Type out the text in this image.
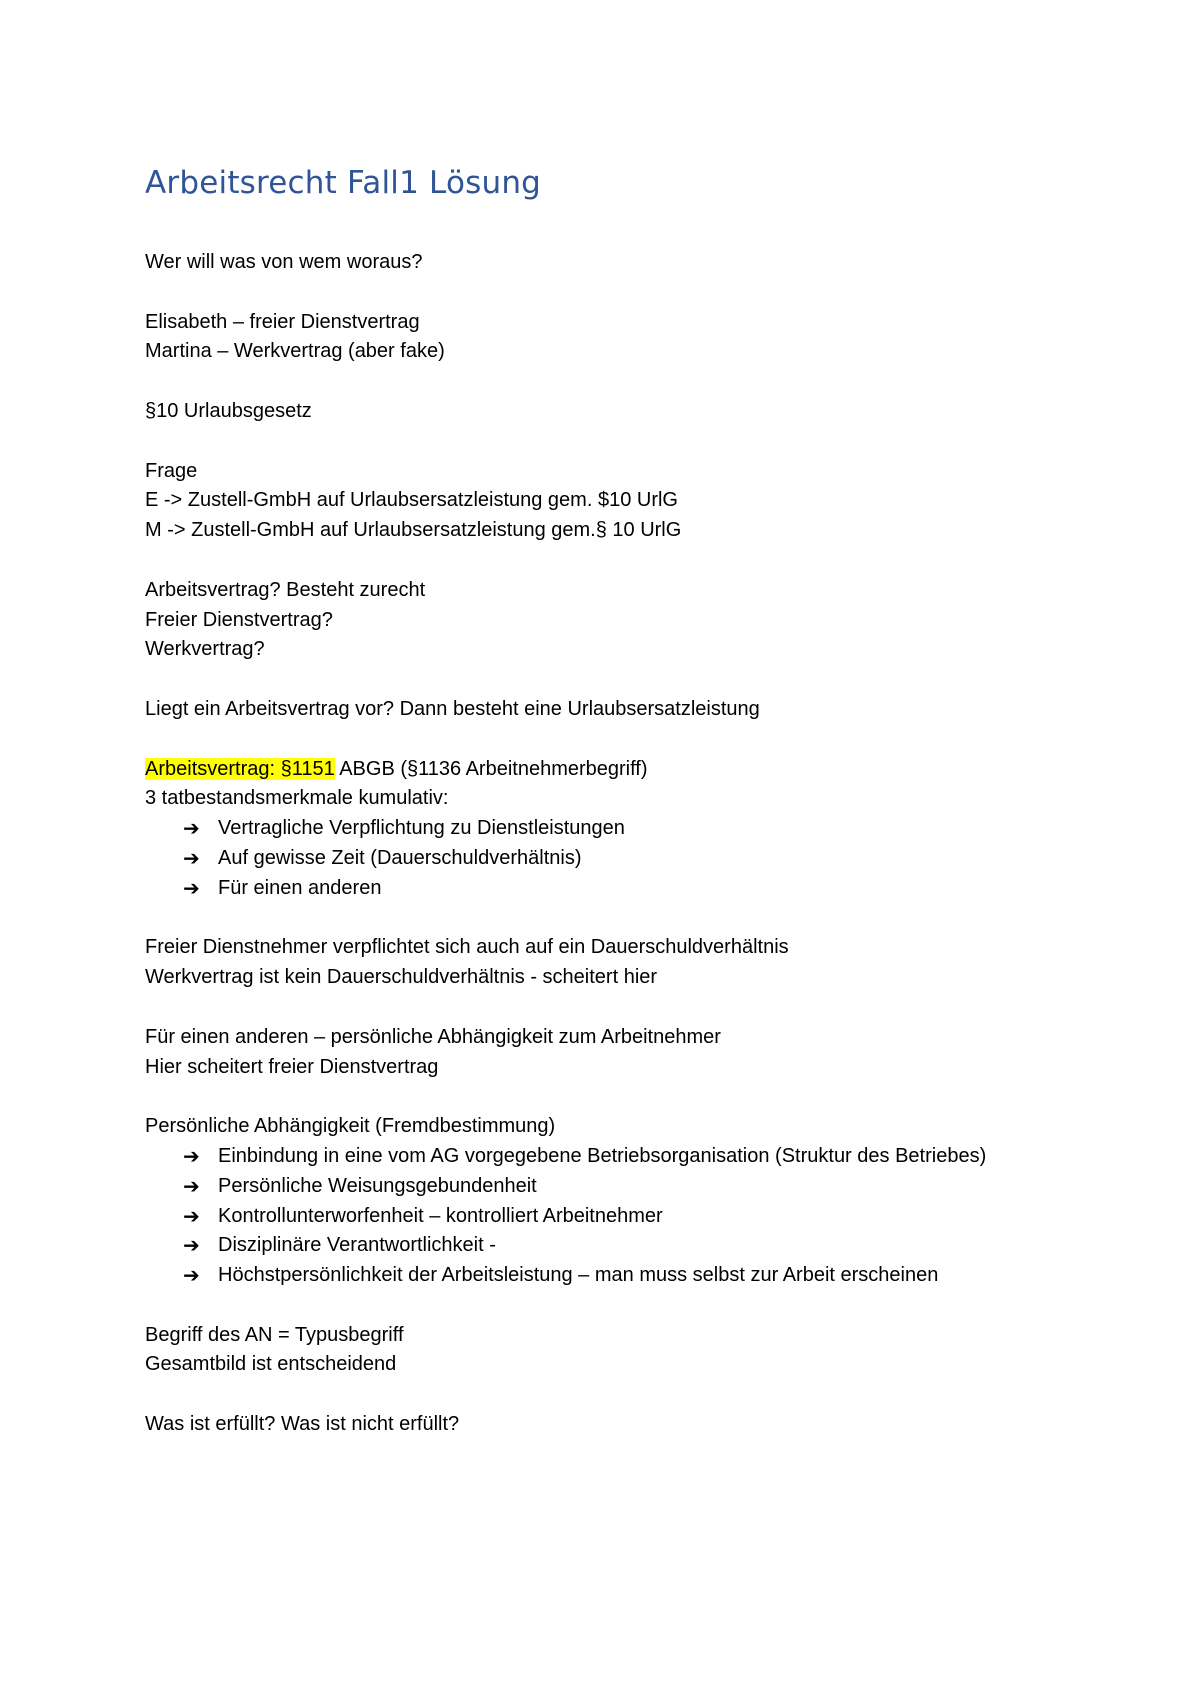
Arbeitsrecht Fall1 Lösung
Wer will was von wem woraus?
Elisabeth – freier Dienstvertrag
Martina – Werkvertrag (aber fake)
§10 Urlaubsgesetz
Frage
E -> Zustell-GmbH auf Urlaubsersatzleistung gem. $10 UrlG
M -> Zustell-GmbH auf Urlaubsersatzleistung gem.§ 10 UrlG
Arbeitsvertrag? Besteht zurecht
Freier Dienstvertrag?
Werkvertrag?
Liegt ein Arbeitsvertrag vor? Dann besteht eine Urlaubsersatzleistung
Arbeitsvertrag: §1151 ABGB (§1136 Arbeitnehmerbegriff)
3 tatbestandsmerkmale kumulativ:
➔ Vertragliche Verpflichtung zu Dienstleistungen
➔ Auf gewisse Zeit (Dauerschuldverhältnis)
➔ Für einen anderen
Freier Dienstnehmer verpflichtet sich auch auf ein Dauerschuldverhältnis
Werkvertrag ist kein Dauerschuldverhältnis - scheitert hier
Für einen anderen – persönliche Abhängigkeit zum Arbeitnehmer
Hier scheitert freier Dienstvertrag
Persönliche Abhängigkeit (Fremdbestimmung)
➔ Einbindung in eine vom AG vorgegebene Betriebsorganisation (Struktur des Betriebes)
➔ Persönliche Weisungsgebundenheit
➔ Kontrollunterworfenheit – kontrolliert Arbeitnehmer
➔ Disziplinäre Verantwortlichkeit -
➔ Höchstpersönlichkeit der Arbeitsleistung – man muss selbst zur Arbeit erscheinen
Begriff des AN = Typusbegriff
Gesamtbild ist entscheidend
Was ist erfüllt? Was ist nicht erfüllt?
